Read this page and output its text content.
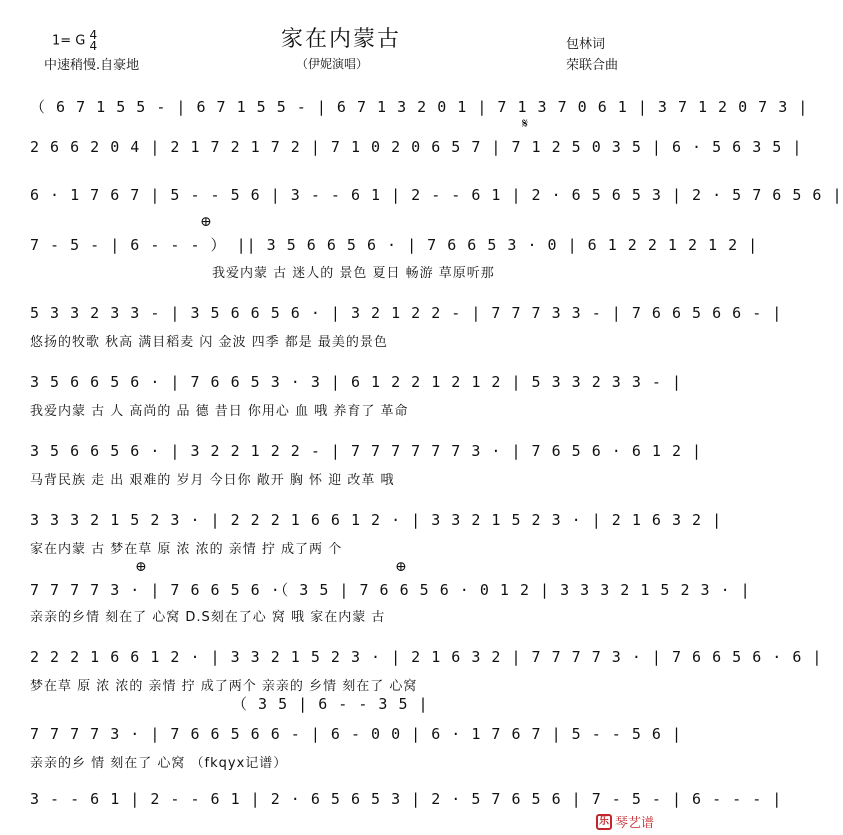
1= G 4
4	家在内蒙古	包林词
中速稍慢.自豪地	（伊妮演唱）	荣联合曲
𝄋
⊕
⊕	⊕
（ 6 7 1 5 5 - | 6 7 1 5 5 - | 6 7 1 3 2 0 1 | 7 1 3 7 0 6 1 | 3 7 1 2 0 7 3 |
2 6 6 2 0 4 | 2 1 7 2 1 7 2 | 7 1 0 2 0 6 5 7 | 7 1 2 5 0 3 5 | 6 · 5 6 3 5 |
6 · 1 7 6 7 | 5 - - 5 6 | 3 - - 6 1 | 2 - - 6 1 | 2 · 6 5 6 5 3 | 2 · 5 7 6 5 6 |
7 - 5 - | 6 - - - ） || 3 5 6 6 5 6 · | 7 6 6 5 3 · 0 | 6 1 2 2 1 2 1 2 |
我爱内蒙 古 迷人的 景色 夏日 畅游 草原听那
5 3 3 2 3 3 - | 3 5 6 6 5 6 · | 3 2 1 2 2 - | 7 7 7 3 3 - | 7 6 6 5 6 6 - |
悠扬的牧歌 秋高 满目稻麦 闪 金波 四季 都是 最美的景色
3 5 6 6 5 6 · | 7 6 6 5 3 · 3 | 6 1 2 2 1 2 1 2 | 5 3 3 2 3 3 - |
我爱内蒙 古 人 高尚的 品 德 昔日 你用心 血 哦 养育了 革命
3 5 6 6 5 6 · | 3 2 2 1 2 2 - | 7 7 7 7 7 7 3 · | 7 6 5 6 · 6 1 2 |
马背民族 走 出 艰难的 岁月 今日你 敞开 胸 怀 迎 改革 哦
3 3 3 2 1 5 2 3 · | 2 2 2 1 6 6 1 2 · | 3 3 2 1 5 2 3 · | 2 1 6 3 2 |
家在内蒙 古 梦在草 原 浓 浓的 亲情 拧 成了两 个
7 7 7 7 3 · | 7 6 6 5 6 ·（ 3 5 | 7 6 6 5 6 · 0 1 2 | 3 3 3 2 1 5 2 3 · |
亲亲的乡情 刻在了 心窝 D.S刻在了心 窝 哦 家在内蒙 古
2 2 2 1 6 6 1 2 · | 3 3 2 1 5 2 3 · | 2 1 6 3 2 | 7 7 7 7 3 · | 7 6 6 5 6 · 6 |
梦在草 原 浓 浓的 亲情 拧 成了两个 亲亲的 乡情 刻在了 心窝
（ 3 5 | 6 - - 3 5 |
7 7 7 7 3 · | 7 6 6 5 6 6 - | 6 - 0 0 | 6 · 1 7 6 7 | 5 - - 5 6 |
亲亲的乡 情 刻在了 心窝 （fkqyx记谱）
3 - - 6 1 | 2 - - 6 1 | 2 · 6 5 6 5 3 | 2 · 5 7 6 5 6 | 7 - 5 - | 6 - - - |
乐 琴艺谱
